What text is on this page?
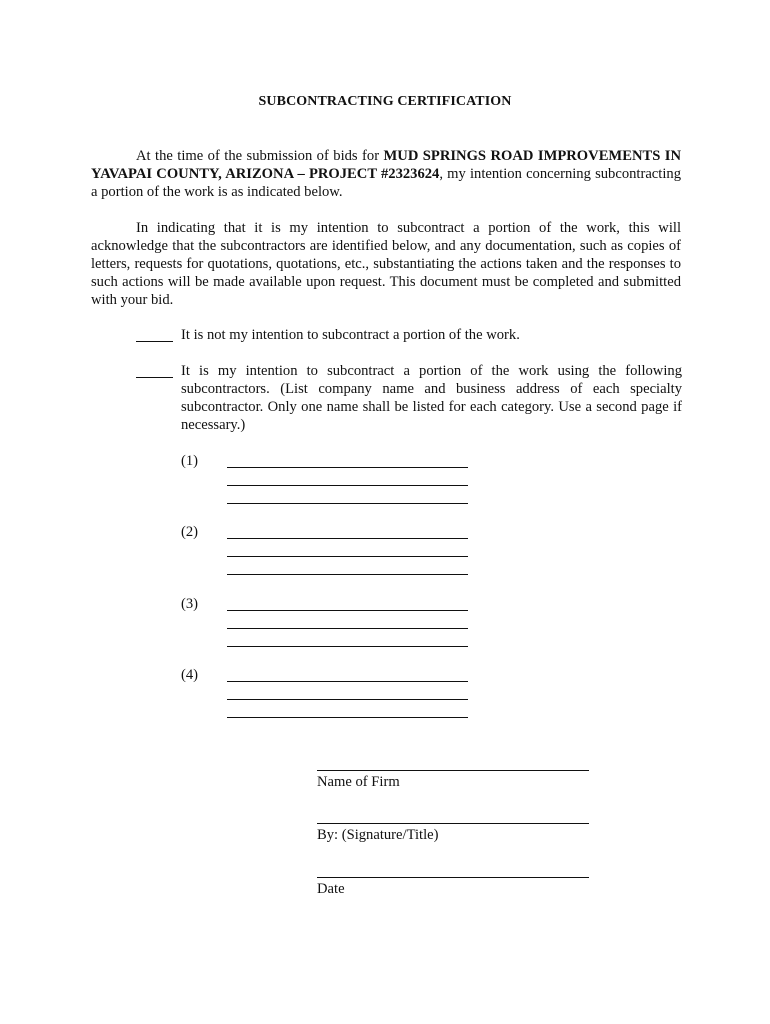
SUBCONTRACTING CERTIFICATION

At the time of the submission of bids for MUD SPRINGS ROAD IMPROVEMENTS IN YAVAPAI COUNTY, ARIZONA – PROJECT #2323624, my intention concerning subcontracting a portion of the work is as indicated below.

In indicating that it is my intention to subcontract a portion of the work, this will acknowledge that the subcontractors are identified below, and any documentation, such as copies of letters, requests for quotations, quotations, etc., substantiating the actions taken and the responses to such actions will be made available upon request. This document must be completed and submitted with your bid.

It is not my intention to subcontract a portion of the work.
It is my intention to subcontract a portion of the work using the following subcontractors. (List company name and business address of each specialty subcontractor. Only one name shall be listed for each category. Use a second page if necessary.)
(1)
(2)
(3)
(4)
Name of Firm
By: (Signature/Title)
Date
